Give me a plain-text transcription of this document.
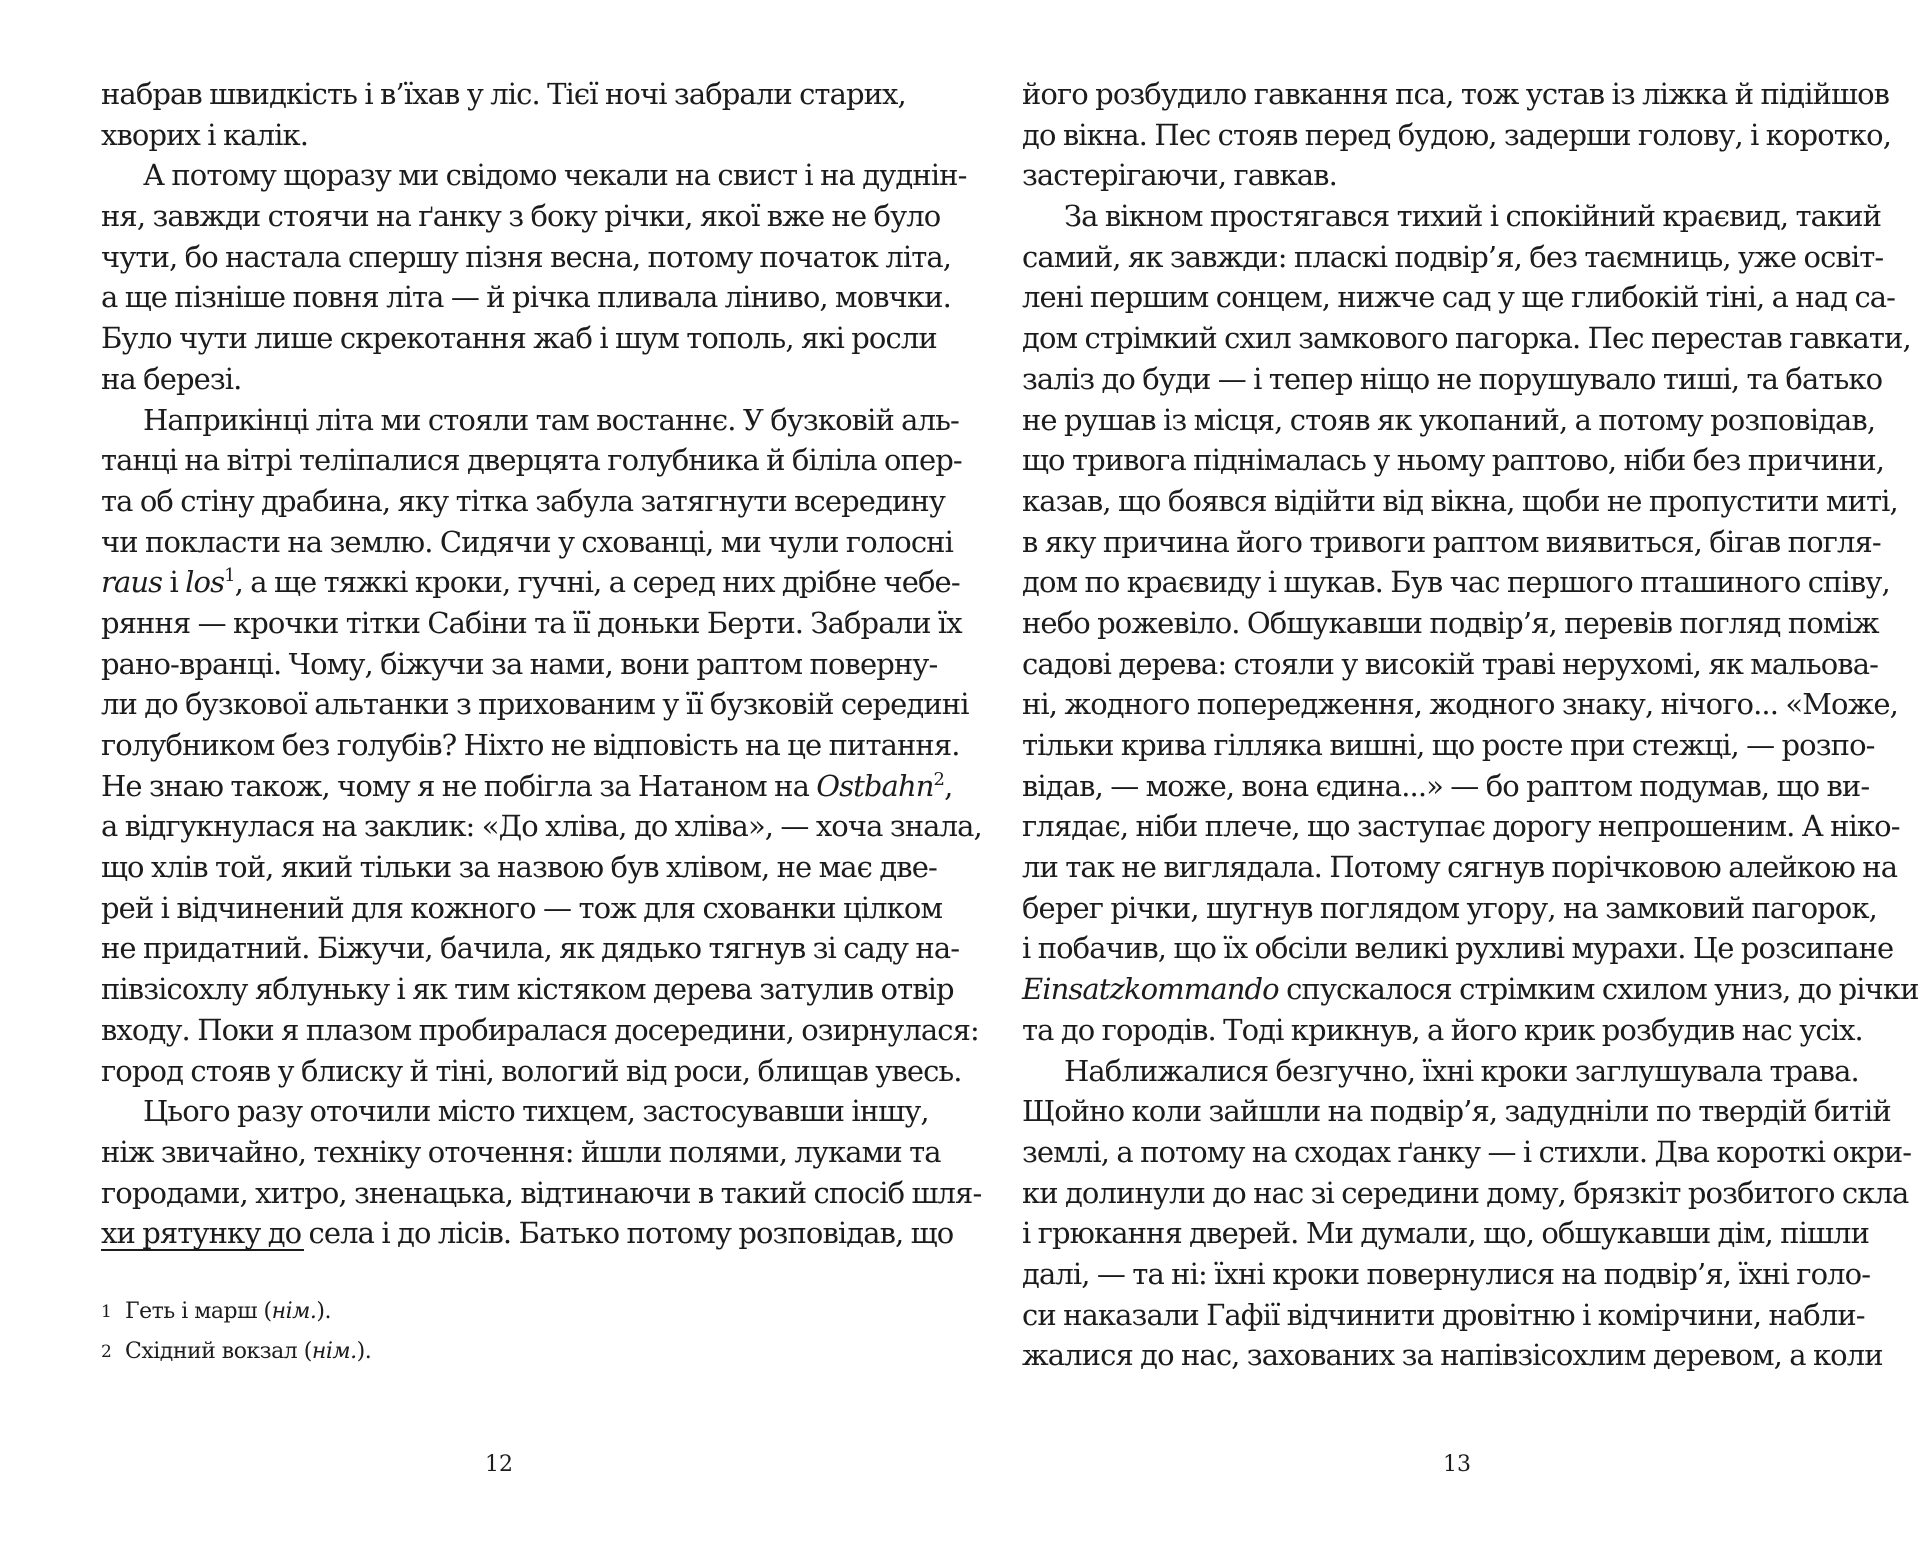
набрав швидкість і в’їхав у ліс. Тієї ночі забрали старих,
хворих і калік.
А потому щоразу ми свідомо чекали на свист і на дуднін-
ня, завжди стоячи на ґанку з боку річки, якої вже не було
чути, бо настала спершу пізня весна, потому початок літа,
а ще пізніше повня літа — й річка пливала ліниво, мовчки.
Було чути лише скрекотання жаб і шум тополь, які росли
на березі.
Наприкінці літа ми стояли там востаннє. У бузковій аль-
танці на вітрі теліпалися дверцята голубника й біліла опер-
та об стіну драбина, яку тітка забула затягнути всередину
чи покласти на землю. Сидячи у схованці, ми чули голосні
raus і los$^1$, а ще тяжкі кроки, гучні, а серед них дрібне чебе-
ряння — крочки тітки Сабіни та її доньки Берти. Забрали їх
рано-вранці. Чому, біжучи за нами, вони раптом поверну-
ли до бузкової альтанки з прихованим у її бузковій середині
голубником без голубів? Ніхто не відповість на це питання.
Не знаю також, чому я не побігла за Натаном на Ostbahn$^2$,
а відгукнулася на заклик: «До хліва, до хліва», — хоча знала,
що хлів той, який тільки за назвою був хлівом, не має две-
рей і відчинений для кожного — тож для схованки цілком
не придатний. Біжучи, бачила, як дядько тягнув зі саду на-
півзісохлу яблуньку і як тим кістяком дерева затулив отвір
входу. Поки я плазом пробиралася досередини, озирнулася:
город стояв у блиску й тіні, вологий від роси, блищав увесь.
Цього разу оточили місто тихцем, застосувавши іншу,
ніж звичайно, техніку оточення: йшли полями, луками та
городами, хитро, зненацька, відтинаючи в такий спосіб шля-
хи рятунку до села і до лісів. Батько потому розповідав, що
1 Геть і марш (нім.).
2 Східний вокзал (нім.).
12
його розбудило гавкання пса, тож устав із ліжка й підійшов
до вікна. Пес стояв перед будою, задерши голову, і коротко,
застерігаючи, гавкав.
За вікном простягався тихий і спокійний краєвид, такий
самий, як завжди: пласкі подвір’я, без таємниць, уже освіт-
лені першим сонцем, нижче сад у ще глибокій тіні, а над са-
дом стрімкий схил замкового пагорка. Пес перестав гавкати,
заліз до буди — і тепер ніщо не порушувало тиші, та батько
не рушав із місця, стояв як укопаний, а потому розповідав,
що тривога піднімалась у ньому раптово, ніби без причини,
казав, що боявся відійти від вікна, щоби не пропустити миті,
в яку причина його тривоги раптом виявиться, бігав погля-
дом по краєвиду і шукав. Був час першого пташиного співу,
небо рожевіло. Обшукавши подвір’я, перевів погляд поміж
садові дерева: стояли у високій траві нерухомі, як мальова-
ні, жодного попередження, жодного знаку, нічого... «Може,
тільки крива гілляка вишні, що росте при стежці, — розпо-
відав, — може, вона єдина...» — бо раптом подумав, що ви-
глядає, ніби плече, що заступає дорогу непрошеним. А ніко-
ли так не виглядала. Потому сягнув порічковою алейкою на
берег річки, шугнув поглядом угору, на замковий пагорок,
і побачив, що їх обсіли великі рухливі мурахи. Це розсипане
Einsatzkommando спускалося стрімким схилом униз, до річки
та до городів. Тоді крикнув, а його крик розбудив нас усіх.
Наближалися безгучно, їхні кроки заглушувала трава.
Щойно коли зайшли на подвір’я, задудніли по твердій битій
землі, а потому на сходах ґанку — і стихли. Два короткі окри-
ки долинули до нас зі середини дому, брязкіт розбитого скла
і грюкання дверей. Ми думали, що, обшукавши дім, пішли
далі, — та ні: їхні кроки повернулися на подвір’я, їхні голо-
си наказали Гафії відчинити дровітню і комірчини, набли-
жалися до нас, захованих за напівзісохлим деревом, а коли
13
